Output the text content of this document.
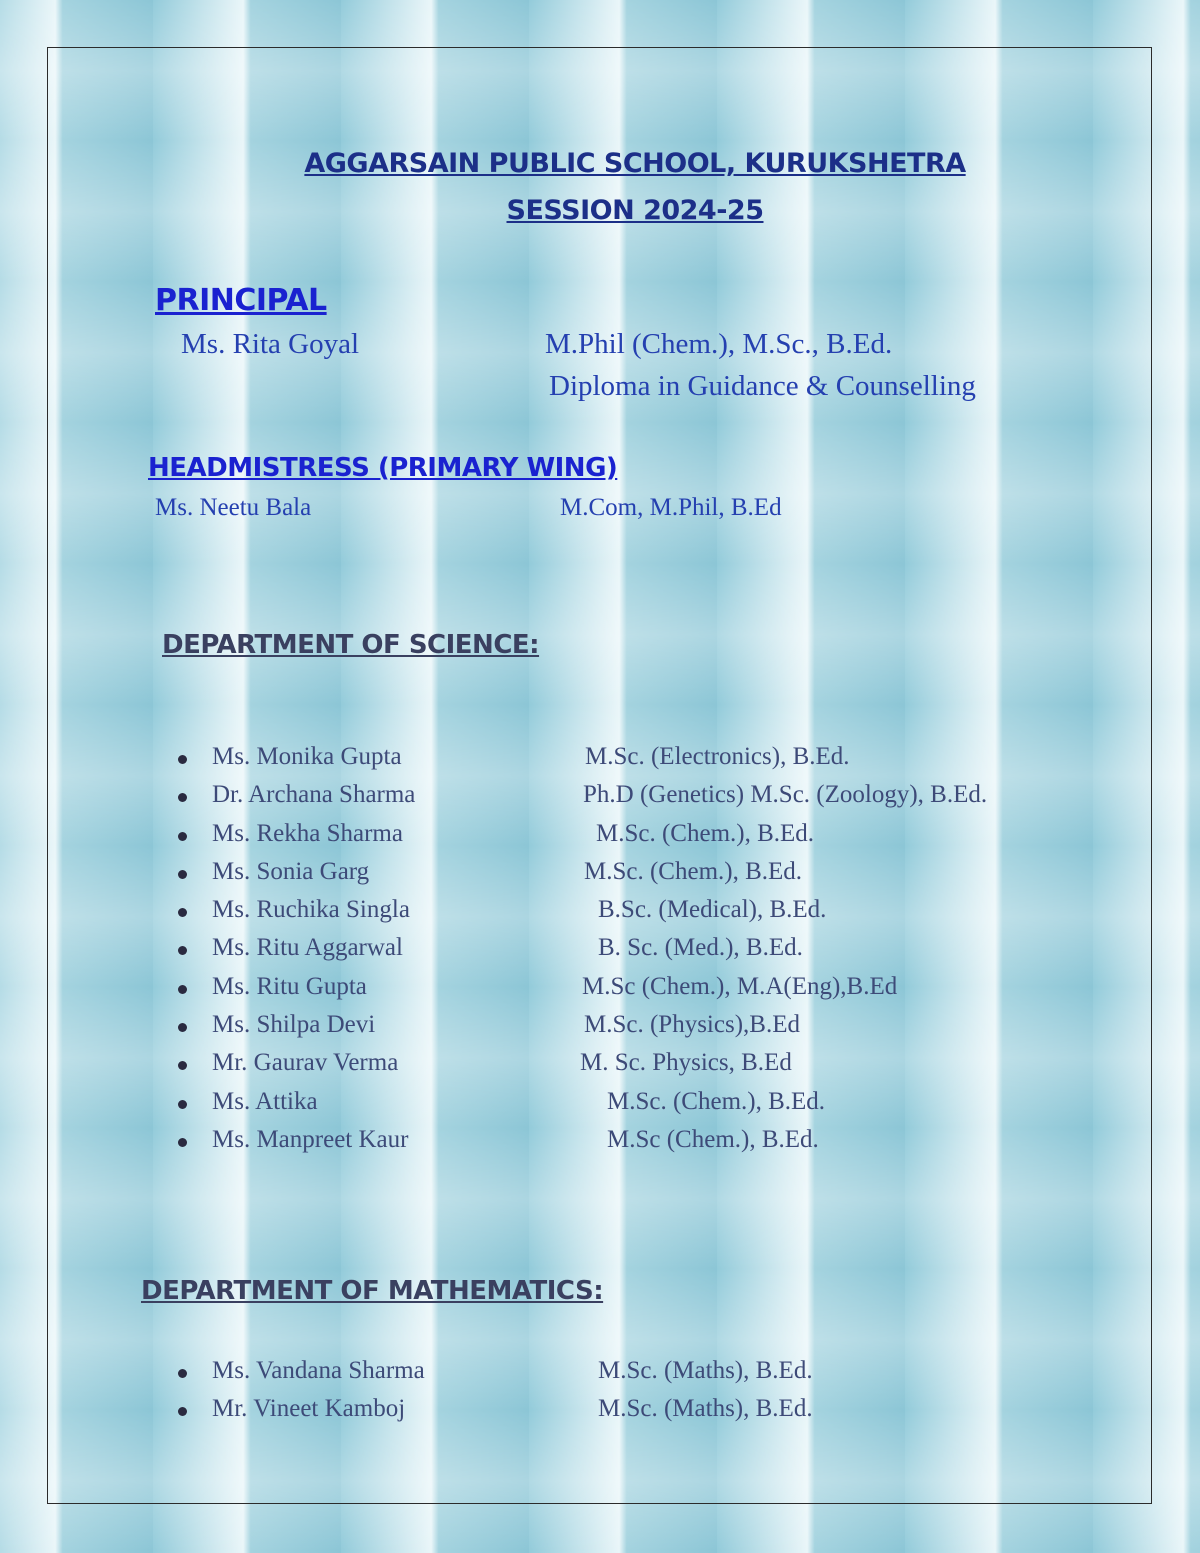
AGGARSAIN PUBLIC SCHOOL, KURUKSHETRA
SESSION 2024-25
PRINCIPAL

Ms. Rita Goyal	M.Phil (Chem.), M.Sc., B.Ed.

Diploma in Guidance & Counselling

HEADMISTRESS (PRIMARY WING)

Ms. Neetu Bala	M.Com, M.Phil, B.Ed

DEPARTMENT OF SCIENCE:
Ms. Monika Gupta	M.Sc. (Electronics), B.Ed.
Dr. Archana Sharma	Ph.D (Genetics) M.Sc. (Zoology), B.Ed.
Ms. Rekha Sharma	M.Sc. (Chem.), B.Ed.
Ms. Sonia Garg	M.Sc. (Chem.), B.Ed.
Ms. Ruchika Singla	B.Sc. (Medical), B.Ed.
Ms. Ritu Aggarwal	B. Sc. (Med.), B.Ed.
Ms. Ritu Gupta	M.Sc (Chem.), M.A(Eng),B.Ed
Ms. Shilpa Devi	M.Sc. (Physics),B.Ed
Mr. Gaurav Verma	M. Sc. Physics, B.Ed
Ms. Attika	M.Sc. (Chem.), B.Ed.
Ms. Manpreet Kaur	M.Sc (Chem.), B.Ed.
DEPARTMENT OF MATHEMATICS:
Ms. Vandana Sharma	M.Sc. (Maths), B.Ed.
Mr. Vineet Kamboj	M.Sc. (Maths), B.Ed.
